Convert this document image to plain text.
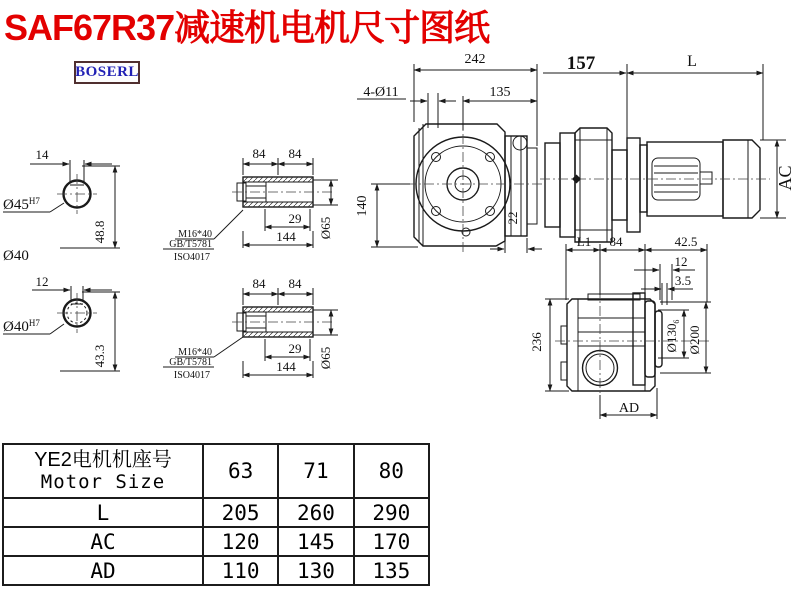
SAF67R37减速机电机尺寸图纸
BOSERL
14
48.8
$Ø45^{H7}$
Ø40
12
43.3
$Ø40^{H7}$
84 84
29
144 Ø65
M16*40
GB/T5781
ISO4017
84 84
29
144 Ø65
M16*40
GB/T5781
ISO4017
242
4-Ø11	135
140
22
157	L
AC
L1 84	42.5
12
3.5
$Ø130_6$
Ø200
236
AD
YE2电机机座号
Motor Size	63	71	80
L	205	260	290
AC	120	145	170
AD	110	130	135
